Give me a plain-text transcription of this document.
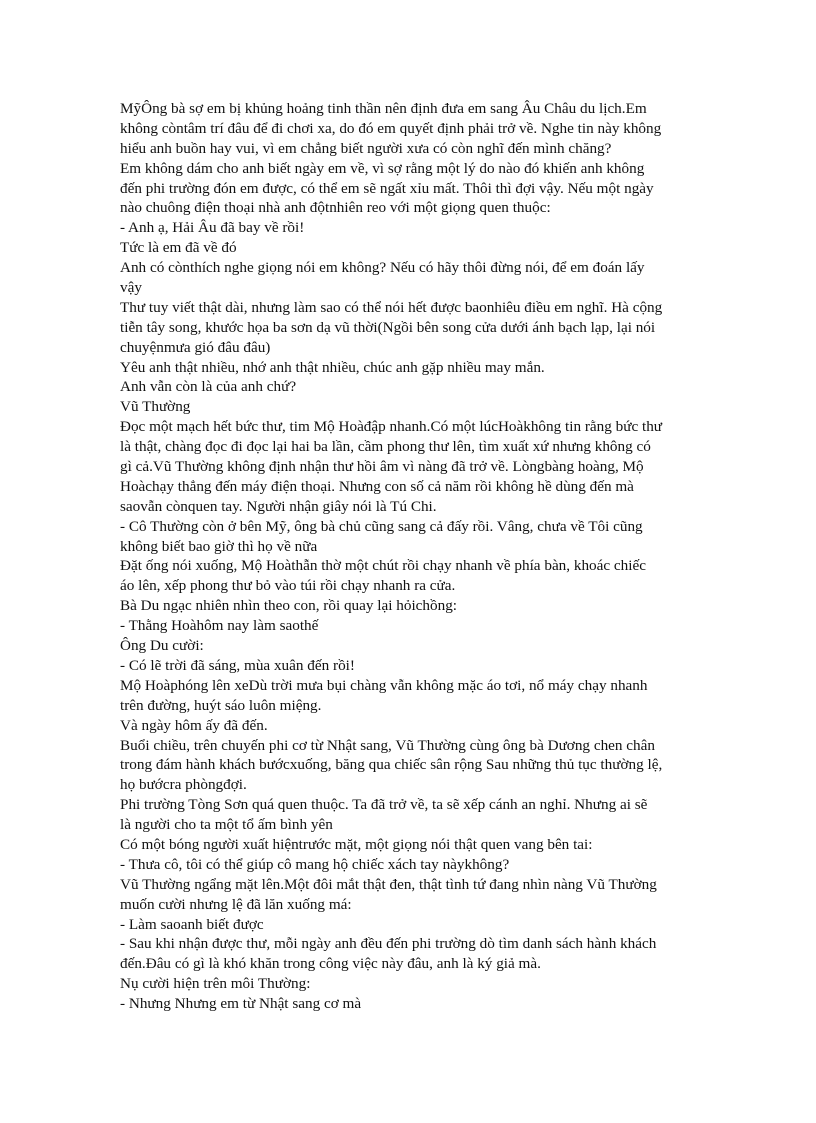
MỹÔng bà sợ em bị khủng hoảng tinh thần nên định đưa em sang Âu Châu du lịch.Em
không còntâm trí đâu để đi chơi xa, do đó em quyết định phải trở về. Nghe tin này không
hiểu anh buồn hay vui, vì em chẳng biết người xưa có còn nghĩ đến mình chăng?
Em không dám cho anh biết ngày em về, vì sợ rằng một lý do nào đó khiến anh không
đến phi trường đón em được, có thể em sẽ ngất xỉu mất. Thôi thì đợi vậy. Nếu một ngày
nào chuông điện thoại nhà anh độtnhiên reo với một giọng quen thuộc:
- Anh ạ, Hải Âu đã bay về rồi!
Tức là em đã về đó
Anh có cònthích nghe giọng nói em không? Nếu có hãy thôi đừng nói, để em đoán lấy
vậy
Thư tuy viết thật dài, nhưng làm sao có thể nói hết được baonhiêu điều em nghĩ. Hà cộng
tiễn tây song, khước họa ba sơn dạ vũ thời(Ngồi bên song cửa dưới ánh bạch lạp, lại nói
chuyệnmưa gió đâu đâu)
Yêu anh thật nhiều, nhớ anh thật nhiều, chúc anh gặp nhiều may mắn.
Anh vẫn còn là của anh chứ?
Vũ Thường
Đọc một mạch hết bức thư, tim Mộ Hoàđập nhanh.Có một lúcHoàkhông tin rằng bức thư
là thật, chàng đọc đi đọc lại hai ba lần, cầm phong thư lên, tìm xuất xứ nhưng không có
gì cả.Vũ Thường không định nhận thư hồi âm vì nàng đã trở về. Lòngbàng hoàng, Mộ
Hoàchạy thẳng đến máy điện thoại. Nhưng con số cả năm rồi không hề dùng đến mà
saovẫn cònquen tay. Người nhận giây nói là Tú Chi.
- Cô Thường còn ở bên Mỹ, ông bà chủ cũng sang cả đấy rồi. Vâng, chưa về Tôi cũng
không biết bao giờ thì họ về nữa
Đặt ống nói xuống, Mộ Hoàthẫn thờ một chút rồi chạy nhanh về phía bàn, khoác chiếc
áo lên, xếp phong thư bỏ vào túi rồi chạy nhanh ra cửa.
Bà Du ngạc nhiên nhìn theo con, rồi quay lại hỏichồng:
- Thằng Hoàhôm nay làm saothế
Ông Du cười:
- Có lẽ trời đã sáng, mùa xuân đến rồi!
Mộ Hoàphóng lên xeDù trời mưa bụi chàng vẫn không mặc áo tơi, nổ máy chạy nhanh
trên đường, huýt sáo luôn miệng.
Và ngày hôm ấy đã đến.
Buổi chiều, trên chuyến phi cơ từ Nhật sang, Vũ Thường cùng ông bà Dương chen chân
trong đám hành khách bướcxuống, băng qua chiếc sân rộng Sau những thủ tục thường lệ,
họ bướcra phòngđợi.
Phi trường Tòng Sơn quá quen thuộc. Ta đã trở về, ta sẽ xếp cánh an nghỉ. Nhưng ai sẽ
là người cho ta một tổ ấm bình yên
Có một bóng người xuất hiệntrước mặt, một giọng nói thật quen vang bên tai:
- Thưa cô, tôi có thể giúp cô mang hộ chiếc xách tay nàykhông?
Vũ Thường ngẩng mặt lên.Một đôi mắt thật đen, thật tình tứ đang nhìn nàng Vũ Thường
muốn cười nhưng lệ đã lăn xuống má:
- Làm saoanh biết được
- Sau khi nhận được thư, mỗi ngày anh đều đến phi trường dò tìm danh sách hành khách
đến.Đâu có gì là khó khăn trong công việc này đâu, anh là ký giả mà.
Nụ cười hiện trên môi Thường:
- Nhưng Nhưng em từ Nhật sang cơ mà
